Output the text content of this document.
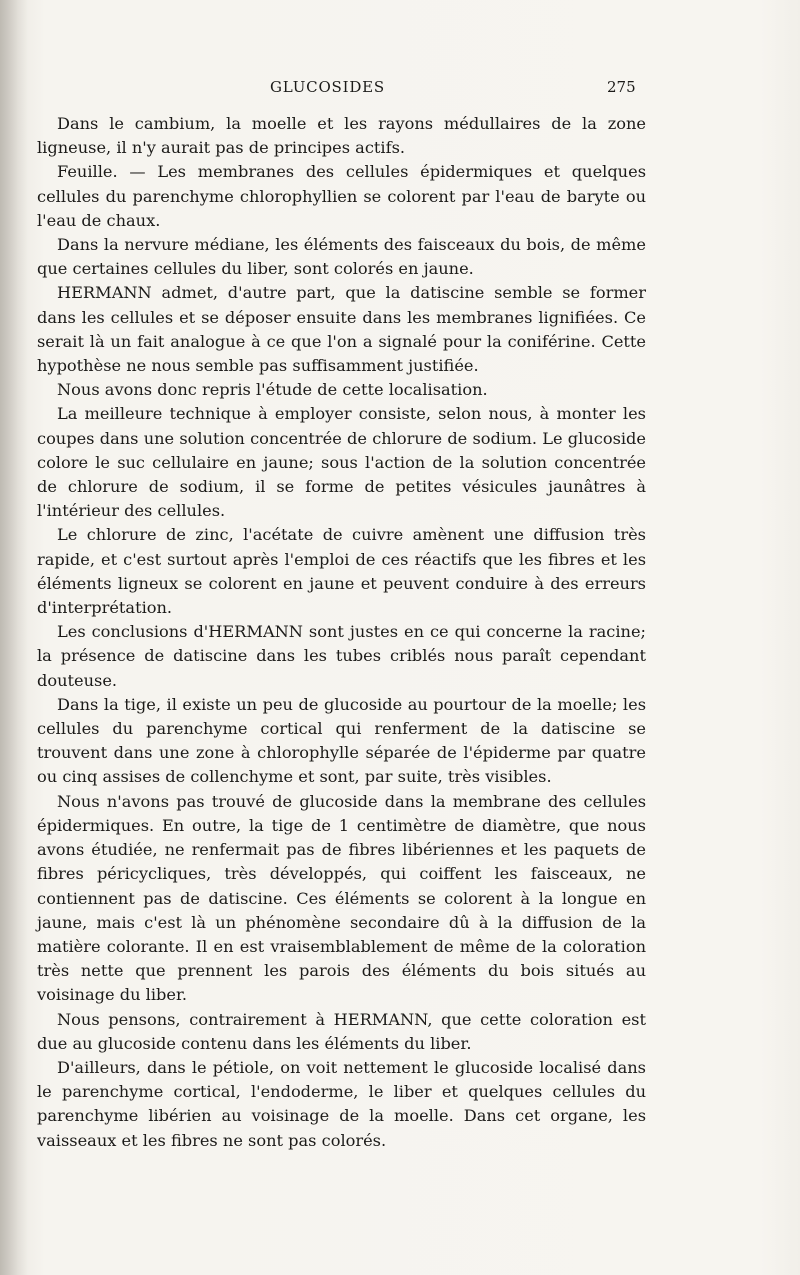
GLUCOSIDES	275

Dans le cambium, la moelle et les rayons médullaires de la zone ligneuse, il n'y aurait pas de principes actifs.

Feuille. — Les membranes des cellules épidermiques et quelques cellules du parenchyme chlorophyllien se colorent par l'eau de baryte ou l'eau de chaux.

Dans la nervure médiane, les éléments des faisceaux du bois, de même que certaines cellules du liber, sont colorés en jaune.

HERMANN admet, d'autre part, que la datiscine semble se former dans les cellules et se déposer ensuite dans les membranes lignifiées. Ce serait là un fait analogue à ce que l'on a signalé pour la coniférine. Cette hypothèse ne nous semble pas suffisamment justifiée.

Nous avons donc repris l'étude de cette localisation.

La meilleure technique à employer consiste, selon nous, à monter les coupes dans une solution concentrée de chlorure de sodium. Le glucoside colore le suc cellulaire en jaune; sous l'action de la solution concentrée de chlorure de sodium, il se forme de petites vésicules jaunâtres à l'intérieur des cellules.

Le chlorure de zinc, l'acétate de cuivre amènent une diffusion très rapide, et c'est surtout après l'emploi de ces réactifs que les fibres et les éléments ligneux se colorent en jaune et peuvent conduire à des erreurs d'interprétation.

Les conclusions d'HERMANN sont justes en ce qui concerne la racine; la présence de datiscine dans les tubes criblés nous paraît cependant douteuse.

Dans la tige, il existe un peu de glucoside au pourtour de la moelle; les cellules du parenchyme cortical qui renferment de la datiscine se trouvent dans une zone à chlorophylle séparée de l'épiderme par quatre ou cinq assises de collenchyme et sont, par suite, très visibles.

Nous n'avons pas trouvé de glucoside dans la membrane des cellules épidermiques. En outre, la tige de 1 centimètre de diamètre, que nous avons étudiée, ne renfermait pas de fibres libériennes et les paquets de fibres péricycliques, très développés, qui coiffent les faisceaux, ne contiennent pas de datiscine. Ces éléments se colorent à la longue en jaune, mais c'est là un phénomène secondaire dû à la diffusion de la matière colorante. Il en est vraisemblablement de même de la coloration très nette que prennent les parois des éléments du bois situés au voisinage du liber.

Nous pensons, contrairement à HERMANN, que cette coloration est due au glucoside contenu dans les éléments du liber.

D'ailleurs, dans le pétiole, on voit nettement le glucoside localisé dans le parenchyme cortical, l'endoderme, le liber et quelques cellules du parenchyme libérien au voisinage de la moelle. Dans cet organe, les vaisseaux et les fibres ne sont pas colorés.
